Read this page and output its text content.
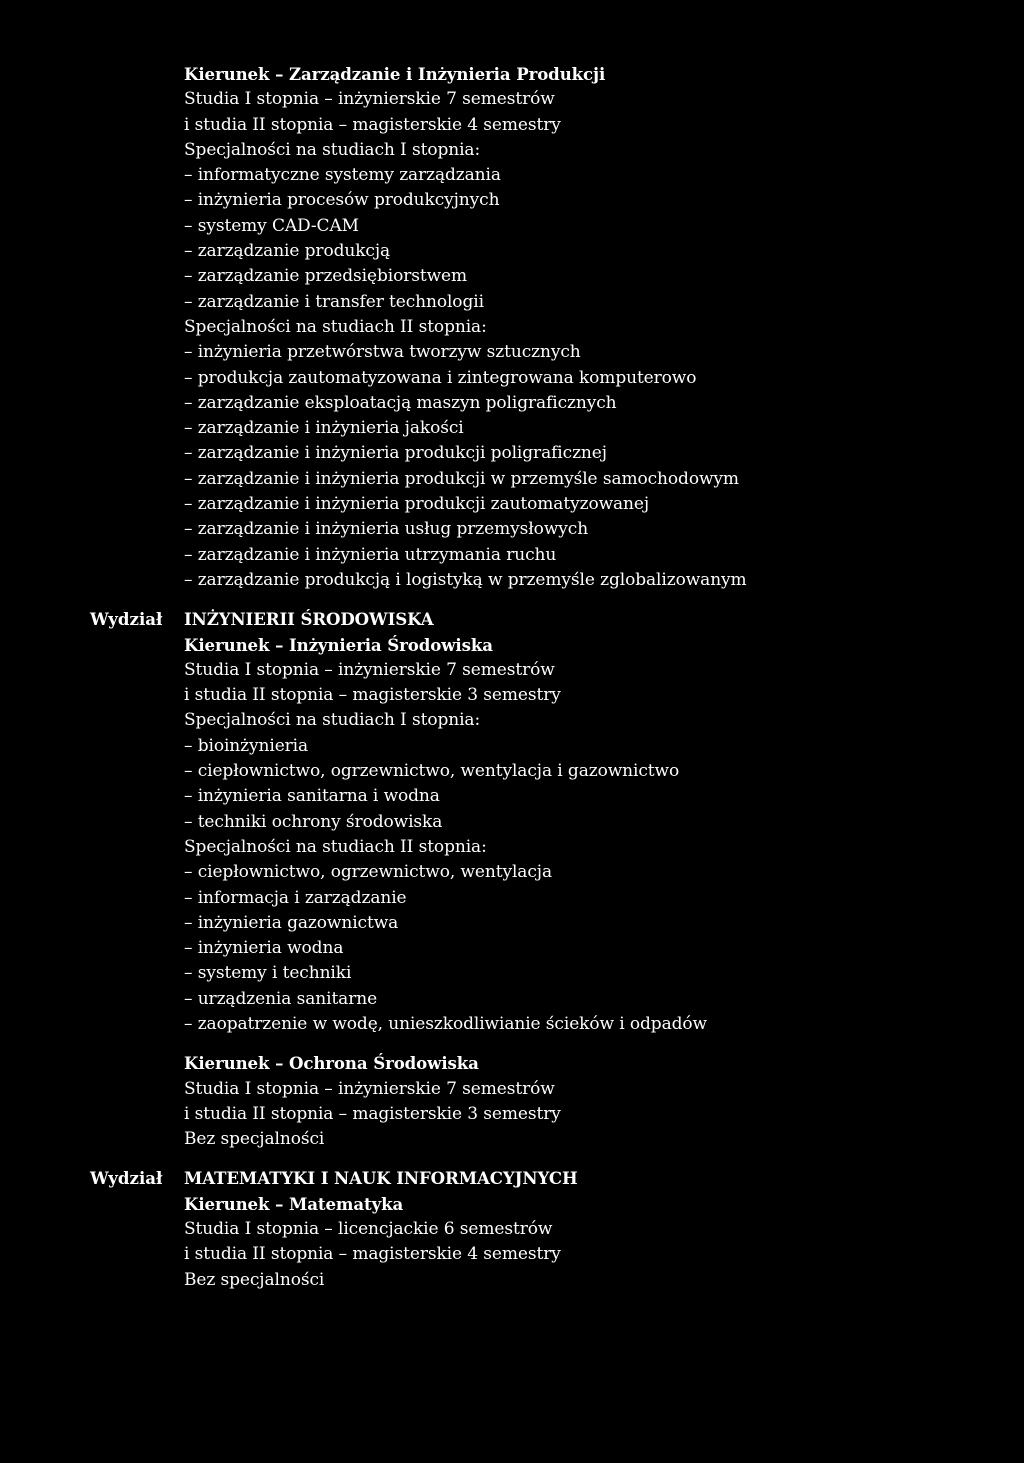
Kierunek – Zarządzanie i Inżynieria Produkcji
Studia I stopnia – inżynierskie 7 semestrów
i studia II stopnia – magisterskie 4 semestry
Specjalności na studiach I stopnia:
– informatyczne systemy zarządzania
– inżynieria procesów produkcyjnych
– systemy CAD-CAM
– zarządzanie produkcją
– zarządzanie przedsiębiorstwem
– zarządzanie i transfer technologii
Specjalności na studiach II stopnia:
– inżynieria przetwórstwa tworzyw sztucznych
– produkcja zautomatyzowana i zintegrowana komputerowo
– zarządzanie eksploatacją maszyn poligraficznych
– zarządzanie i inżynieria jakości
– zarządzanie i inżynieria produkcji poligraficznej
– zarządzanie i inżynieria produkcji w przemyśle samochodowym
– zarządzanie i inżynieria produkcji zautomatyzowanej
– zarządzanie i inżynieria usług przemysłowych
– zarządzanie i inżynieria utrzymania ruchu
– zarządzanie produkcją i logistyką w przemyśle zglobalizowanym
Wydział INŻYNIERII ŚRODOWISKA
Kierunek – Inżynieria Środowiska
Studia I stopnia – inżynierskie 7 semestrów
i studia II stopnia – magisterskie 3 semestry
Specjalności na studiach I stopnia:
– bioinżynieria
– ciepłownictwo, ogrzewnictwo, wentylacja i gazownictwo
– inżynieria sanitarna i wodna
– techniki ochrony środowiska
Specjalności na studiach II stopnia:
– ciepłownictwo, ogrzewnictwo, wentylacja
– informacja i zarządzanie
– inżynieria gazownictwa
– inżynieria wodna
– systemy i techniki
– urządzenia sanitarne
– zaopatrzenie w wodę, unieszkodliwianie ścieków i odpadów
Kierunek – Ochrona Środowiska
Studia I stopnia – inżynierskie 7 semestrów
i studia II stopnia – magisterskie 3 semestry
Bez specjalności
Wydział MATEMATYKI I NAUK INFORMACYJNYCH
Kierunek – Matematyka
Studia I stopnia – licencjackie 6 semestrów
i studia II stopnia – magisterskie 4 semestry
Bez specjalności
